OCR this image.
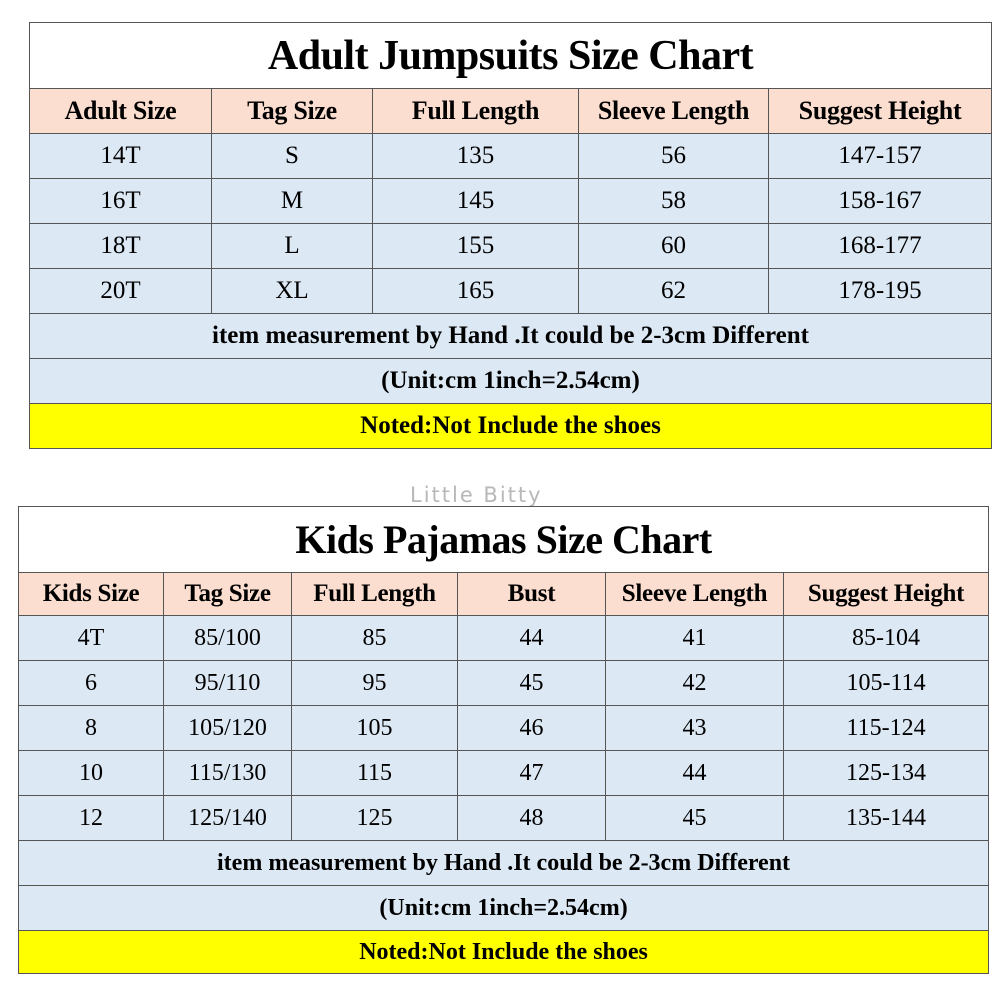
Adult Jumpsuits Size Chart				
Adult Size	Tag Size	Full Length	Sleeve Length	Suggest Height
14T	S	135	56	147-157
16T	M	145	58	158-167
18T	L	155	60	168-177
20T	XL	165	62	178-195
item measurement by Hand .It could be 2-3cm Different				
(Unit:cm 1inch=2.54cm)				
Noted:Not Include the shoes				
Little Bitty
Kids Pajamas Size Chart					
Kids Size	Tag Size	Full Length	Bust	Sleeve Length	Suggest Height
4T	85/100	85	44	41	85-104
6	95/110	95	45	42	105-114
8	105/120	105	46	43	115-124
10	115/130	115	47	44	125-134
12	125/140	125	48	45	135-144
item measurement by Hand .It could be 2-3cm Different					
(Unit:cm 1inch=2.54cm)					
Noted:Not Include the shoes					
